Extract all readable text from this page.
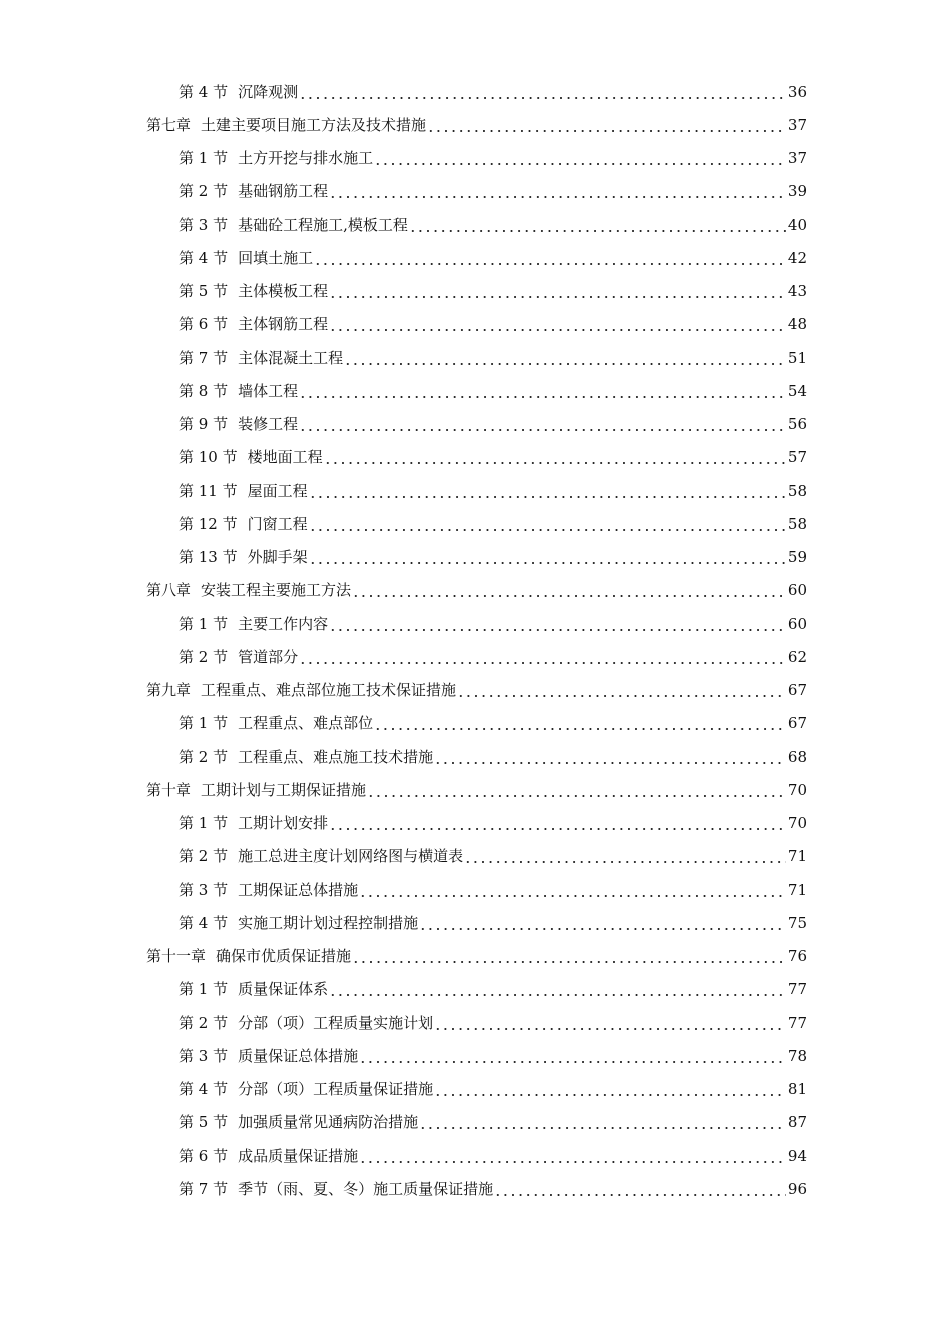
第 4 节 沉降观测	36
第七章 土建主要项目施工方法及技术措施	37
第 1 节 土方开挖与排水施工	37
第 2 节 基础钢筋工程	39
第 3 节 基础砼工程施工,模板工程	40
第 4 节 回填土施工	42
第 5 节 主体模板工程	43
第 6 节 主体钢筋工程	48
第 7 节 主体混凝土工程	51
第 8 节 墙体工程	54
第 9 节 装修工程	56
第 10 节 楼地面工程	57
第 11 节 屋面工程	58
第 12 节 门窗工程	58
第 13 节 外脚手架	59
第八章 安装工程主要施工方法	60
第 1 节 主要工作内容	60
第 2 节 管道部分	62
第九章 工程重点、难点部位施工技术保证措施	67
第 1 节 工程重点、难点部位	67
第 2 节 工程重点、难点施工技术措施	68
第十章 工期计划与工期保证措施	70
第 1 节 工期计划安排	70
第 2 节 施工总进主度计划网络图与横道表	71
第 3 节 工期保证总体措施	71
第 4 节 实施工期计划过程控制措施	75
第十一章 确保市优质保证措施	76
第 1 节 质量保证体系	77
第 2 节 分部（项）工程质量实施计划	77
第 3 节 质量保证总体措施	78
第 4 节 分部（项）工程质量保证措施	81
第 5 节 加强质量常见通病防治措施	87
第 6 节 成品质量保证措施	94
第 7 节 季节（雨、夏、冬）施工质量保证措施	96
